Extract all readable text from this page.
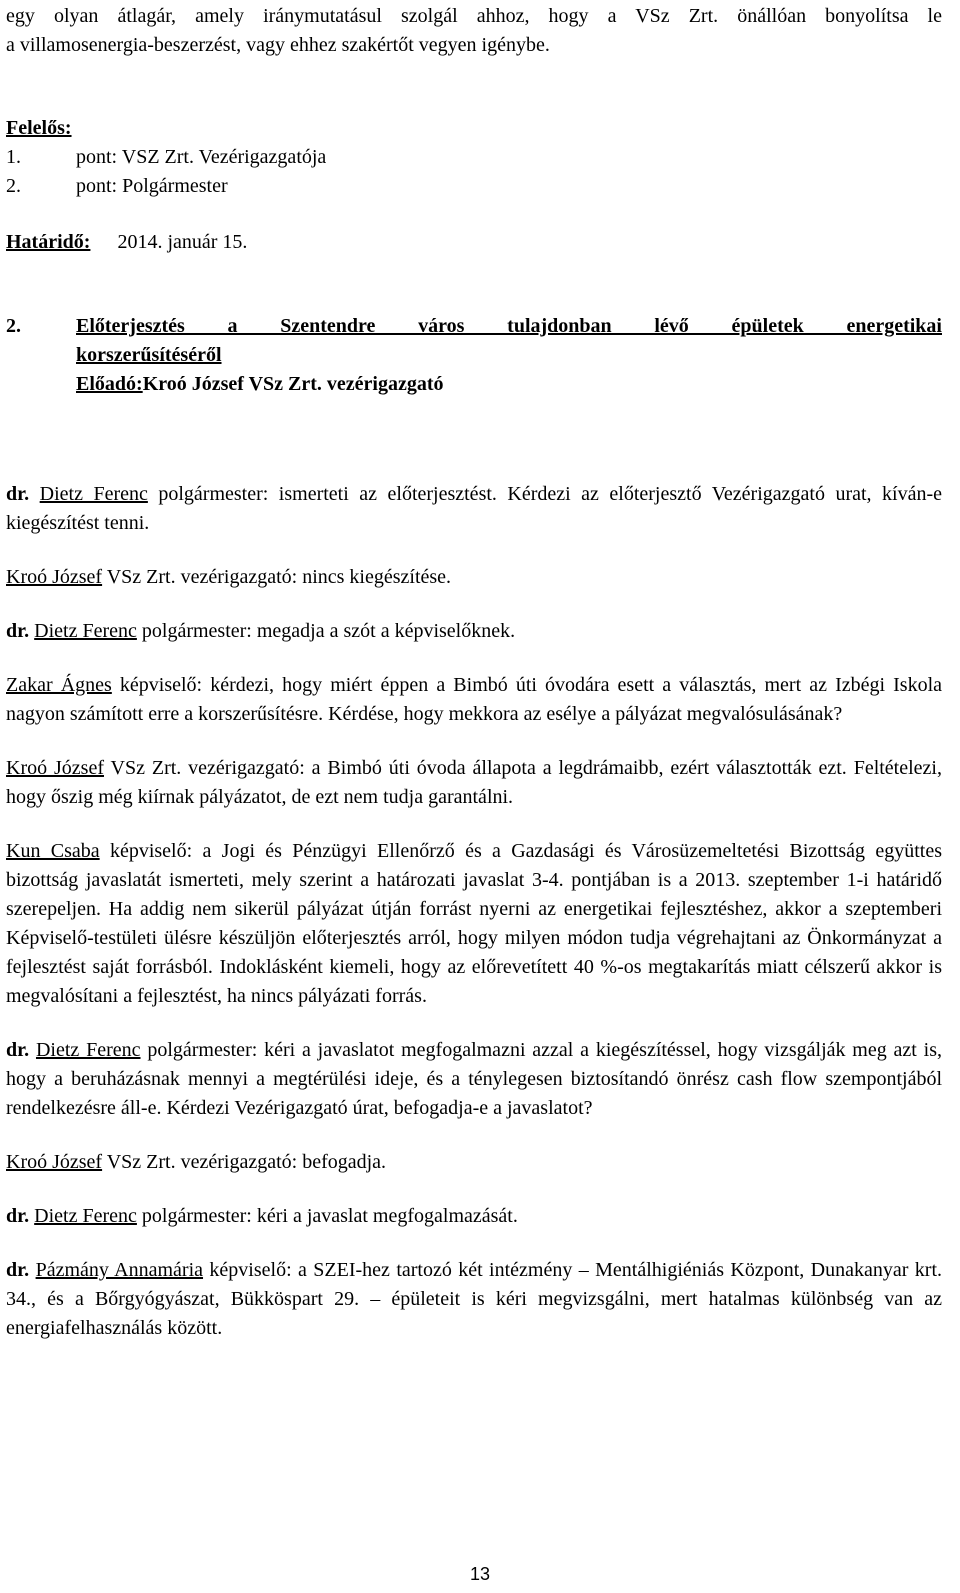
egy olyan átlagár, amely iránymutatásul szolgál ahhoz, hogy a VSz Zrt. önállóan bonyolítsa le

a villamosenergia-beszerzést, vagy ehhez szakértőt vegyen igénybe.

Felelős:

1.	pont: VSZ Zrt. Vezérigazgatója

2.	pont: Polgármester

Határidő: 2014. január 15.

2.	Előterjesztés a Szentendre város tulajdonban lévő épületek energetikai

korszerűsítéséről

Előadó:Kroó József VSz Zrt. vezérigazgató

dr. Dietz Ferenc polgármester: ismerteti az előterjesztést. Kérdezi az előterjesztő Vezérigazgató urat, kíván-e kiegészítést tenni.

Kroó József VSz Zrt. vezérigazgató: nincs kiegészítése.

dr. Dietz Ferenc polgármester: megadja a szót a képviselőknek.

Zakar Ágnes képviselő: kérdezi, hogy miért éppen a Bimbó úti óvodára esett a választás, mert az Izbégi Iskola nagyon számított erre a korszerűsítésre. Kérdése, hogy mekkora az esélye a pályázat megvalósulásának?

Kroó József VSz Zrt. vezérigazgató: a Bimbó úti óvoda állapota a legdrámaibb, ezért választották ezt. Feltételezi, hogy őszig még kiírnak pályázatot, de ezt nem tudja garantálni.

Kun Csaba képviselő: a Jogi és Pénzügyi Ellenőrző és a Gazdasági és Városüzemeltetési Bizottság együttes bizottság javaslatát ismerteti, mely szerint a határozati javaslat 3-4. pontjában is a 2013. szeptember 1-i határidő szerepeljen. Ha addig nem sikerül pályázat útján forrást nyerni az energetikai fejlesztéshez, akkor a szeptemberi Képviselő-testületi ülésre készüljön előterjesztés arról, hogy milyen módon tudja végrehajtani az Önkormányzat a fejlesztést saját forrásból. Indoklásként kiemeli, hogy az előrevetített 40 %-os megtakarítás miatt célszerű akkor is megvalósítani a fejlesztést, ha nincs pályázati forrás.

dr. Dietz Ferenc polgármester: kéri a javaslatot megfogalmazni azzal a kiegészítéssel, hogy vizsgálják meg azt is, hogy a beruházásnak mennyi a megtérülési ideje, és a ténylegesen biztosítandó önrész cash flow szempontjából rendelkezésre áll-e. Kérdezi Vezérigazgató úrat, befogadja-e a javaslatot?

Kroó József VSz Zrt. vezérigazgató: befogadja.

dr. Dietz Ferenc polgármester: kéri a javaslat megfogalmazását.

dr. Pázmány Annamária képviselő: a SZEI-hez tartozó két intézmény – Mentálhigiéniás Központ, Dunakanyar krt. 34., és a Bőrgyógyászat, Bükköspart 29. – épületeit is kéri megvizsgálni, mert hatalmas különbség van az energiafelhasználás között.

13
